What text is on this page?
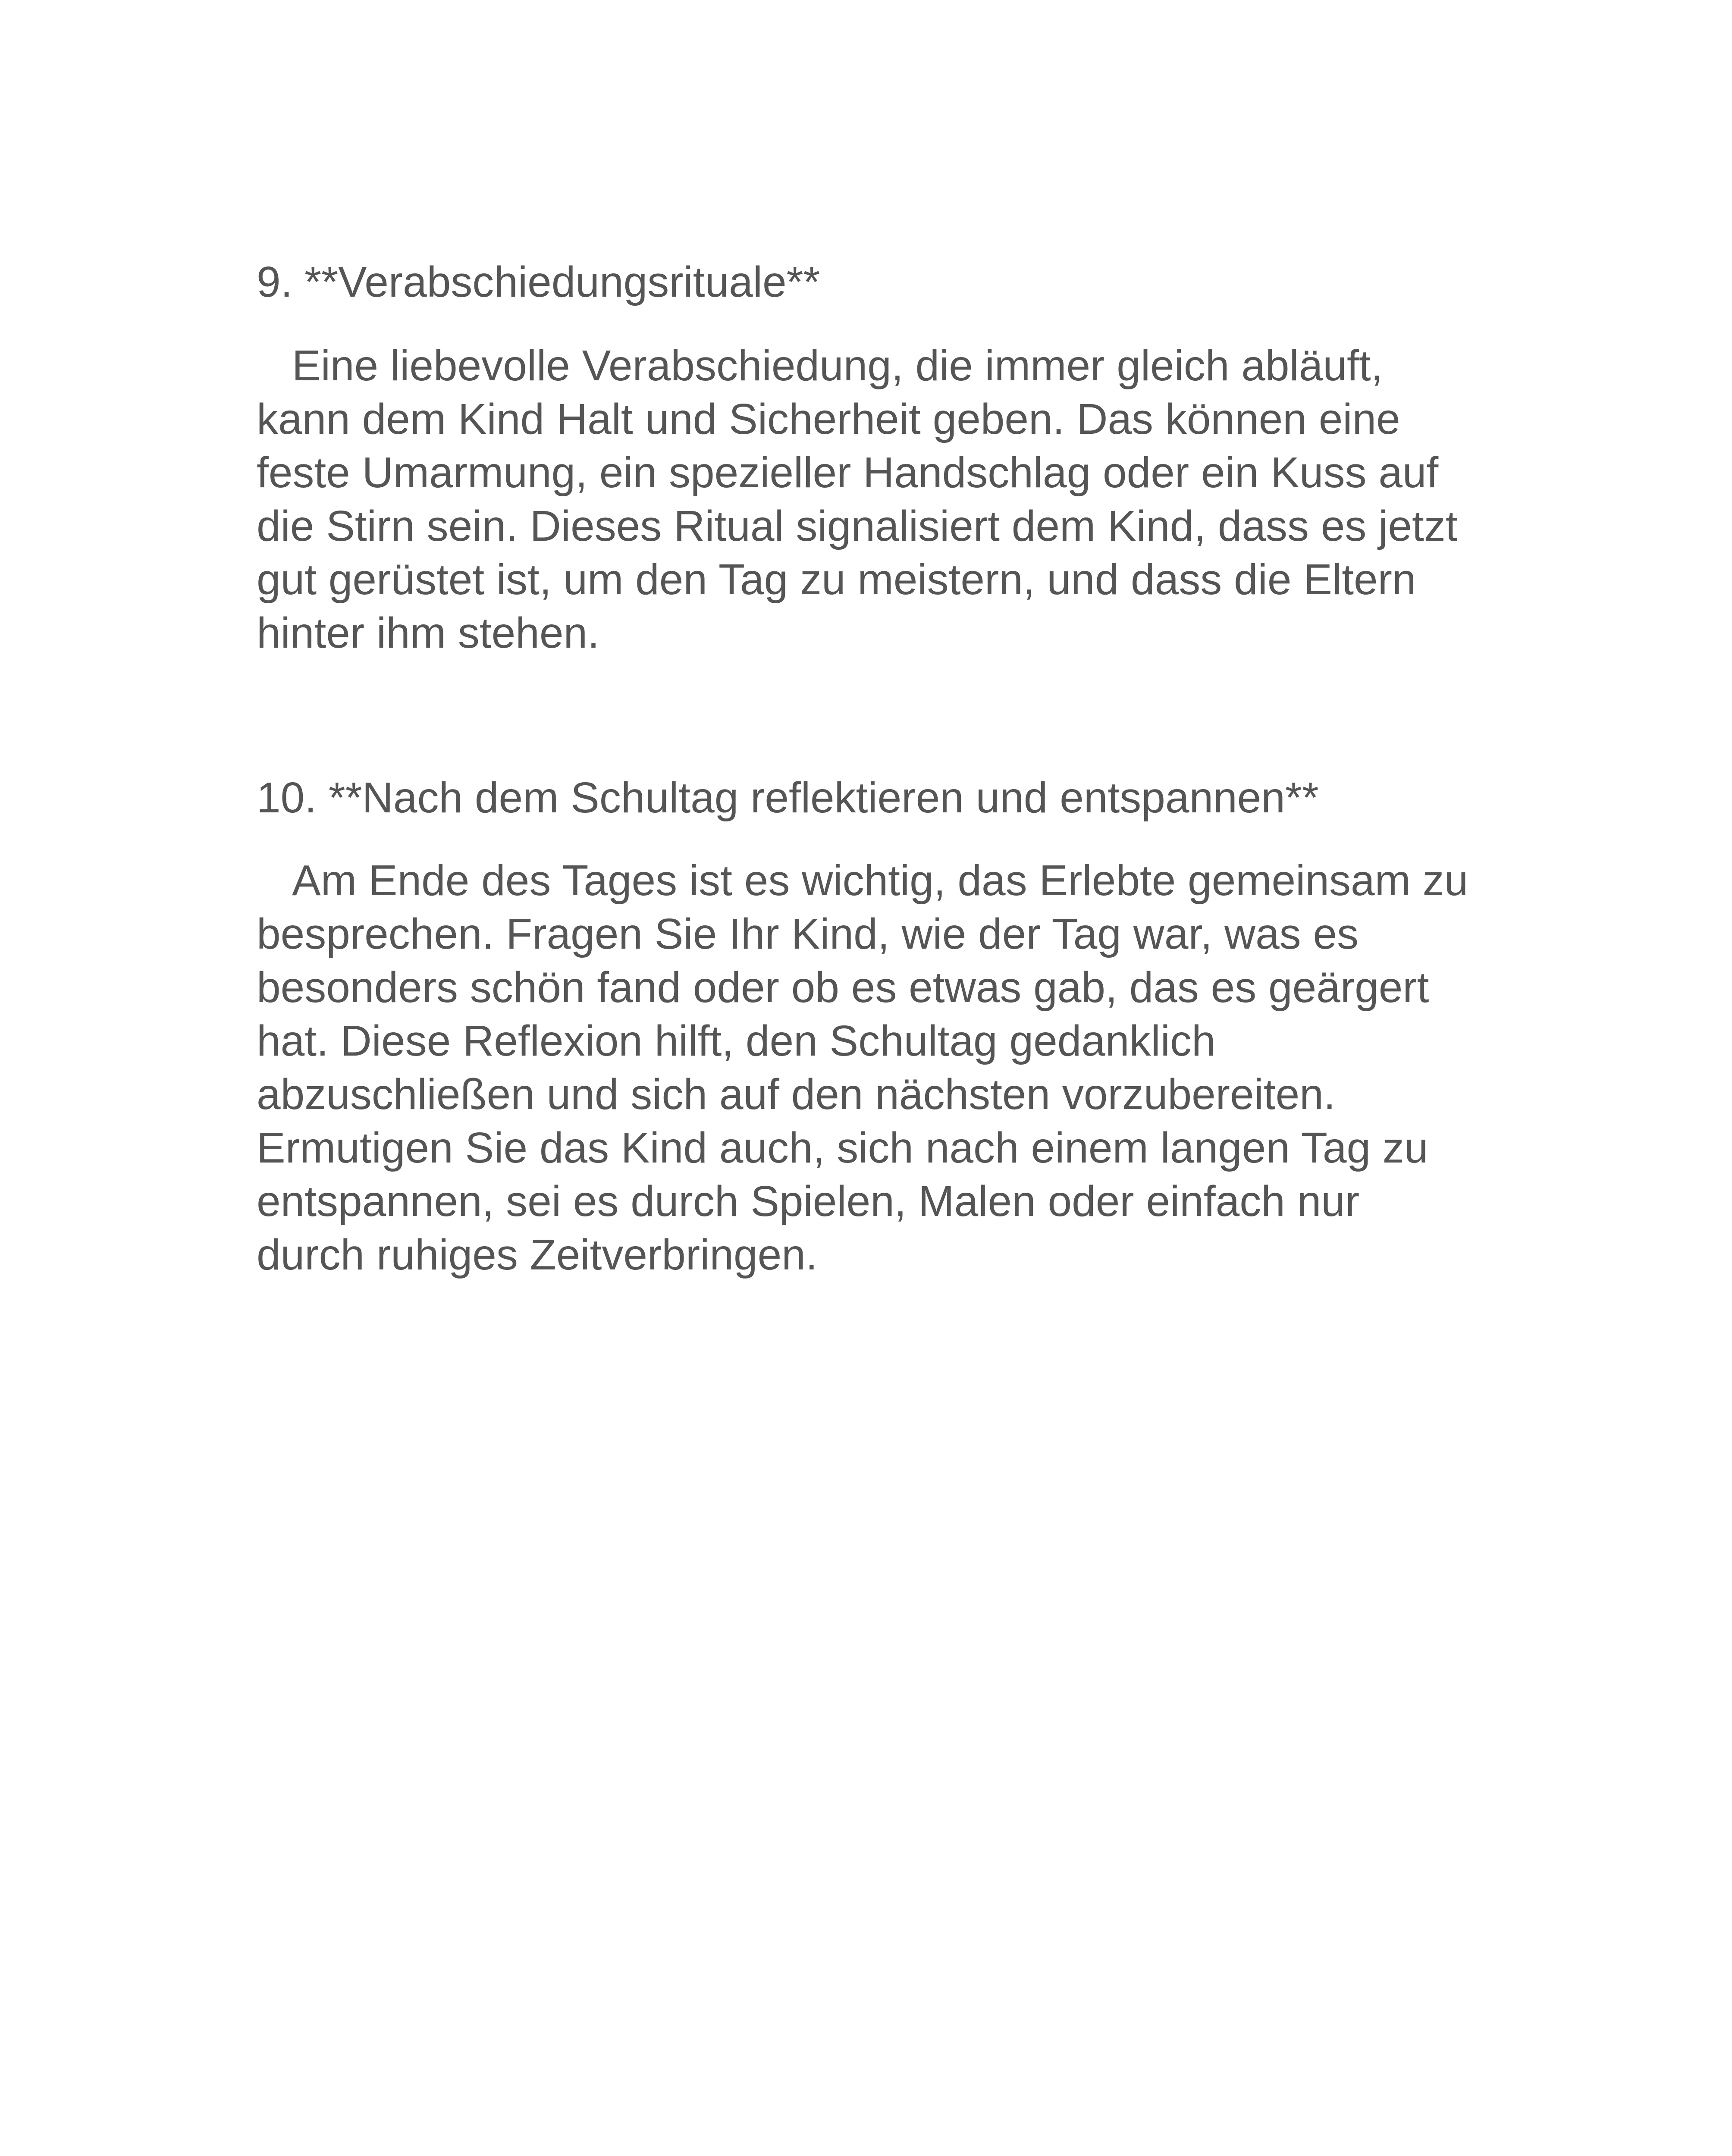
9. **Verabschiedungsrituale**

Eine liebevolle Verabschiedung, die immer gleich abläuft,
kann dem Kind Halt und Sicherheit geben. Das können eine
feste Umarmung, ein spezieller Handschlag oder ein Kuss auf
die Stirn sein. Dieses Ritual signalisiert dem Kind, dass es jetzt
gut gerüstet ist, um den Tag zu meistern, und dass die Eltern
hinter ihm stehen.

10. **Nach dem Schultag reflektieren und entspannen**

Am Ende des Tages ist es wichtig, das Erlebte gemeinsam zu
besprechen. Fragen Sie Ihr Kind, wie der Tag war, was es
besonders schön fand oder ob es etwas gab, das es geärgert
hat. Diese Reflexion hilft, den Schultag gedanklich
abzuschließen und sich auf den nächsten vorzubereiten.
Ermutigen Sie das Kind auch, sich nach einem langen Tag zu
entspannen, sei es durch Spielen, Malen oder einfach nur
durch ruhiges Zeitverbringen.
